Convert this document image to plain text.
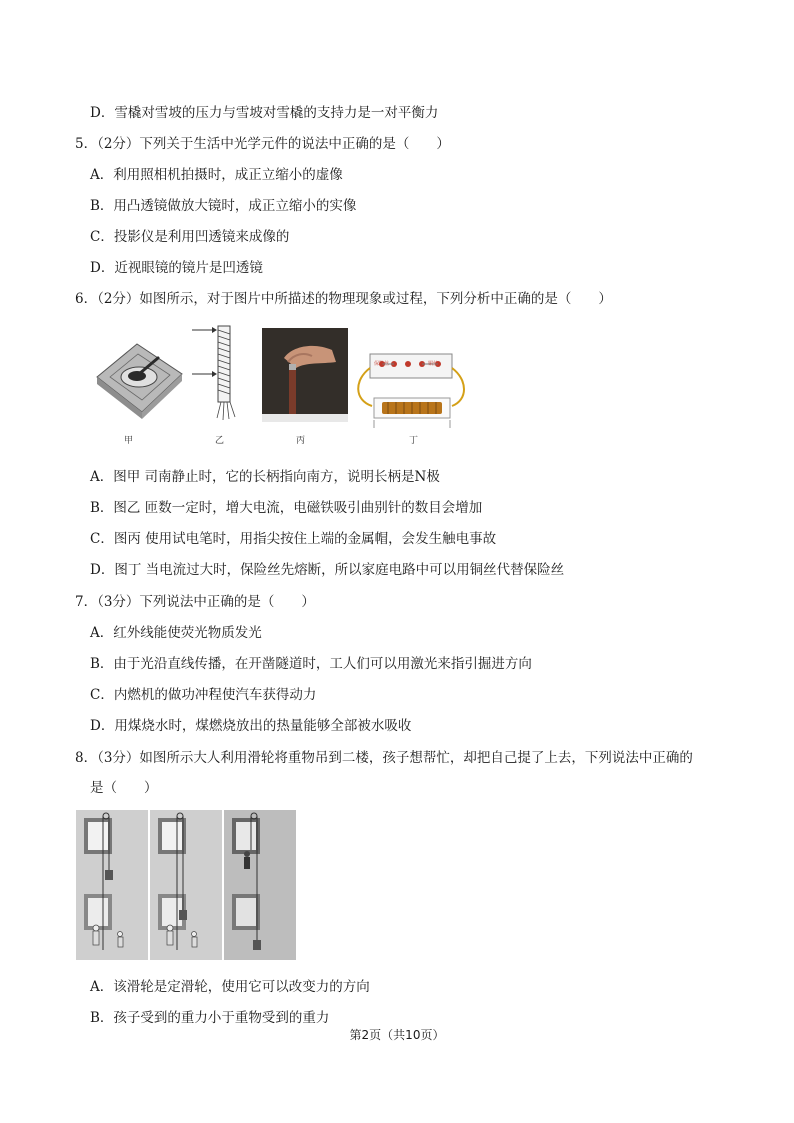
D．雪橇对雪坡的压力与雪坡对雪橇的支持力是一对平衡力
5．（2分）下列关于生活中光学元件的说法中正确的是（　　）
A．利用照相机拍摄时，成正立缩小的虚像
B．用凸透镜做放大镜时，成正立缩小的实像
C．投影仪是利用凹透镜来成像的
D．近视眼镜的镜片是凹透镜
6．（2分）如图所示，对于图片中所描述的物理现象或过程，下列分析中正确的是（　　）
甲	乙	丙
保险丝	铜丝
丁
A．图甲 司南静止时，它的长柄指向南方，说明长柄是N极
B．图乙 匝数一定时，增大电流，电磁铁吸引曲别针的数目会增加
C．图丙 使用试电笔时，用指尖按住上端的金属帽，会发生触电事故
D．图丁 当电流过大时，保险丝先熔断，所以家庭电路中可以用铜丝代替保险丝
7．（3分）下列说法中正确的是（　　）
A．红外线能使荧光物质发光
B．由于光沿直线传播，在开凿隧道时，工人们可以用激光来指引掘进方向
C．内燃机的做功冲程使汽车获得动力
D．用煤烧水时，煤燃烧放出的热量能够全部被水吸收
8．（3分）如图所示大人利用滑轮将重物吊到二楼，孩子想帮忙，却把自己提了上去，下列说法中正确的
是（　　）
A．该滑轮是定滑轮，使用它可以改变力的方向
B．孩子受到的重力小于重物受到的重力
第2页（共10页）
